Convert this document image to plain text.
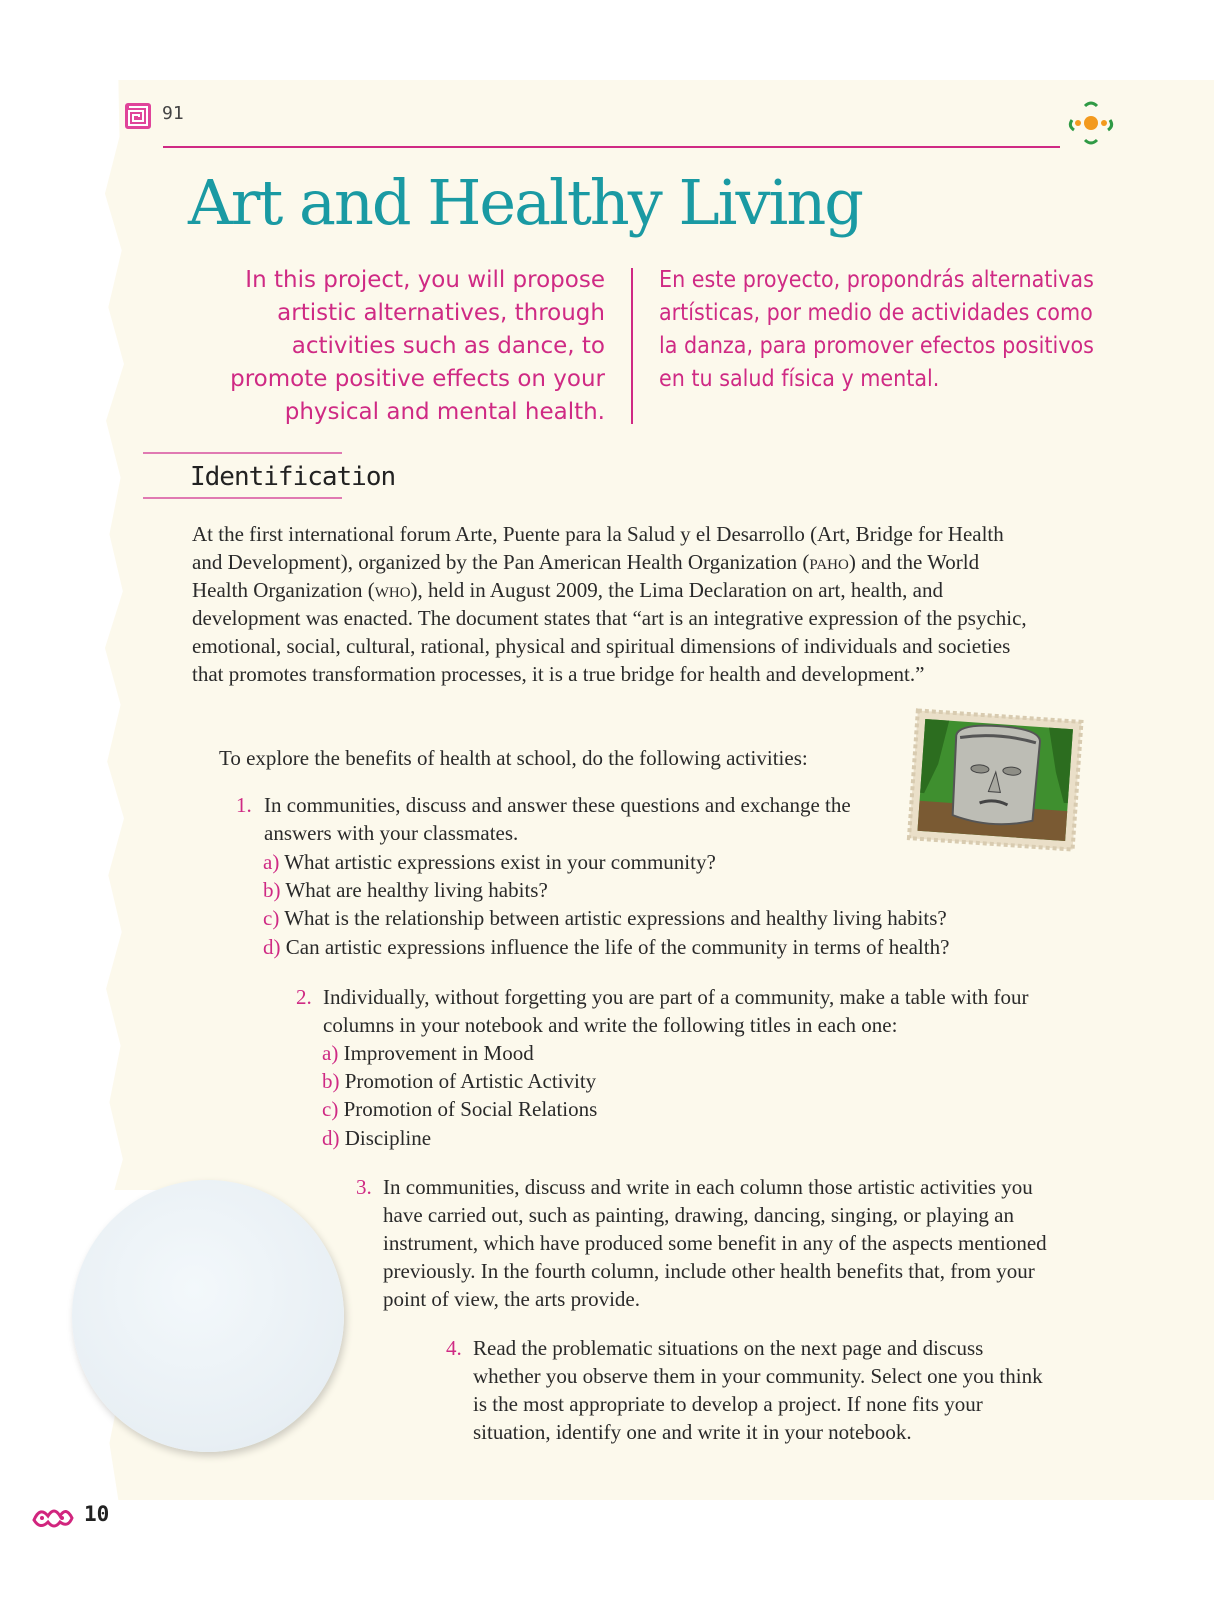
91
Art and Healthy Living
In this project, you will propose artistic alternatives, through activities such as dance, to promote positive effects on your physical and mental health.
En este proyecto, propondrás alternativas artísticas, por medio de actividades como la danza, para promover efectos positivos en tu salud física y mental.
Identification

At the first international forum Arte, Puente para la Salud y el Desarrollo (Art, Bridge for Health and Development), organized by the Pan American Health Organization (paho) and the World Health Organization (who), held in August 2009, the Lima Declaration on art, health, and development was enacted. The document states that “art is an integrative expression of the psychic, emotional, social, cultural, rational, physical and spiritual dimensions of individuals and societies that promotes transformation processes, it is a true bridge for health and development.”

To explore the benefits of health at school, do the following activities:

1. In communities, discuss and answer these questions and exchange the answers with your classmates.
a) What artistic expressions exist in your community?
b) What are healthy living habits?
c) What is the relationship between artistic expressions and healthy living habits?
d) Can artistic expressions influence the life of the community in terms of health?
2. Individually, without forgetting you are part of a community, make a table with four columns in your notebook and write the following titles in each one:
a) Improvement in Mood
b) Promotion of Artistic Activity
c) Promotion of Social Relations
d) Discipline
3. In communities, discuss and write in each column those artistic activities you have carried out, such as painting, drawing, dancing, singing, or playing an instrument, which have produced some benefit in any of the aspects mentioned previously. In the fourth column, include other health benefits that, from your point of view, the arts provide.
4. Read the problematic situations on the next page and discuss whether you observe them in your community. Select one you think is the most appropriate to develop a project. If none fits your situation, identify one and write it in your notebook.
10
